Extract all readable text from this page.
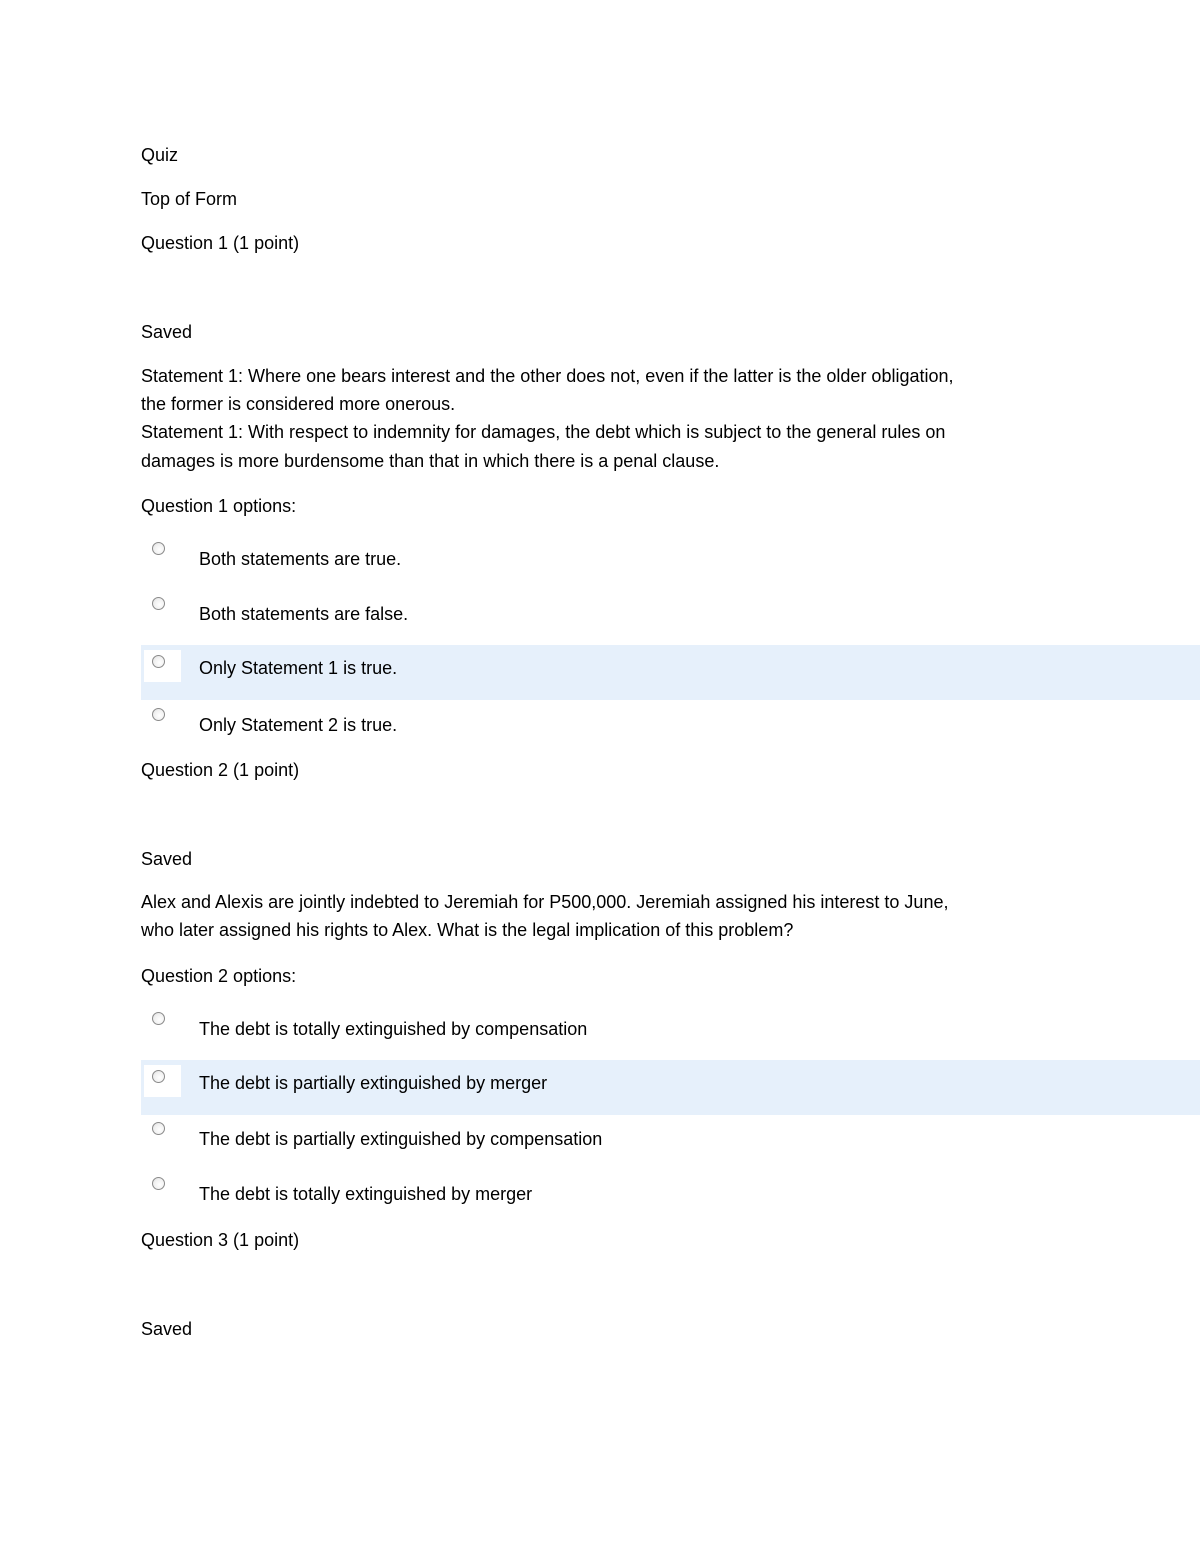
Quiz
Top of Form
Question 1 (1 point)
Saved
Statement 1: Where one bears interest and the other does not, even if the latter is the older obligation,
the former is considered more onerous.
Statement 1: With respect to indemnity for damages, the debt which is subject to the general rules on
damages is more burdensome than that in which there is a penal clause.
Question 1 options:
Both statements are true.
Both statements are false.
Only Statement 1 is true.
Only Statement 2 is true.
Question 2 (1 point)
Saved
Alex and Alexis are jointly indebted to Jeremiah for P500,000. Jeremiah assigned his interest to June,
who later assigned his rights to Alex. What is the legal implication of this problem?
Question 2 options:
The debt is totally extinguished by compensation
The debt is partially extinguished by merger
The debt is partially extinguished by compensation
The debt is totally extinguished by merger
Question 3 (1 point)
Saved
